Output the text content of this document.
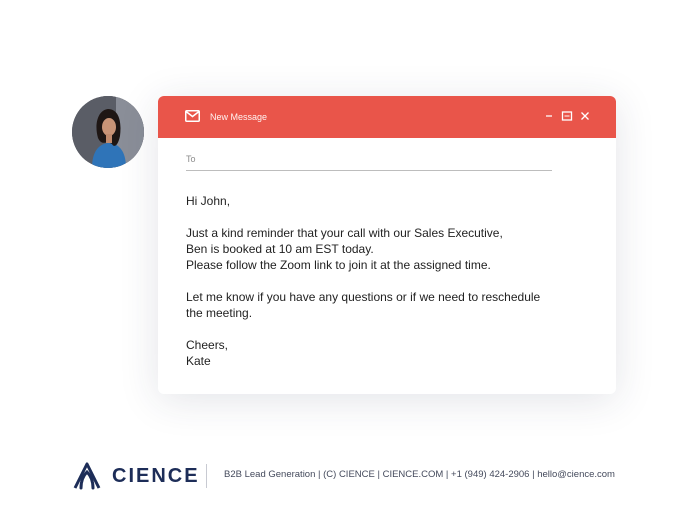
New Message
To
Hi John,
Just a kind reminder that your call with our Sales Executive,
Ben is booked at 10 am EST today.
Please follow the Zoom link to join it at the assigned time.
Let me know if you have any questions or if we need to reschedule
the meeting.
Cheers,
Kate
CIENCE	B2B Lead Generation | (C) CIENCE | CIENCE.COM | +1 (949) 424-2906 | hello@cience.com
